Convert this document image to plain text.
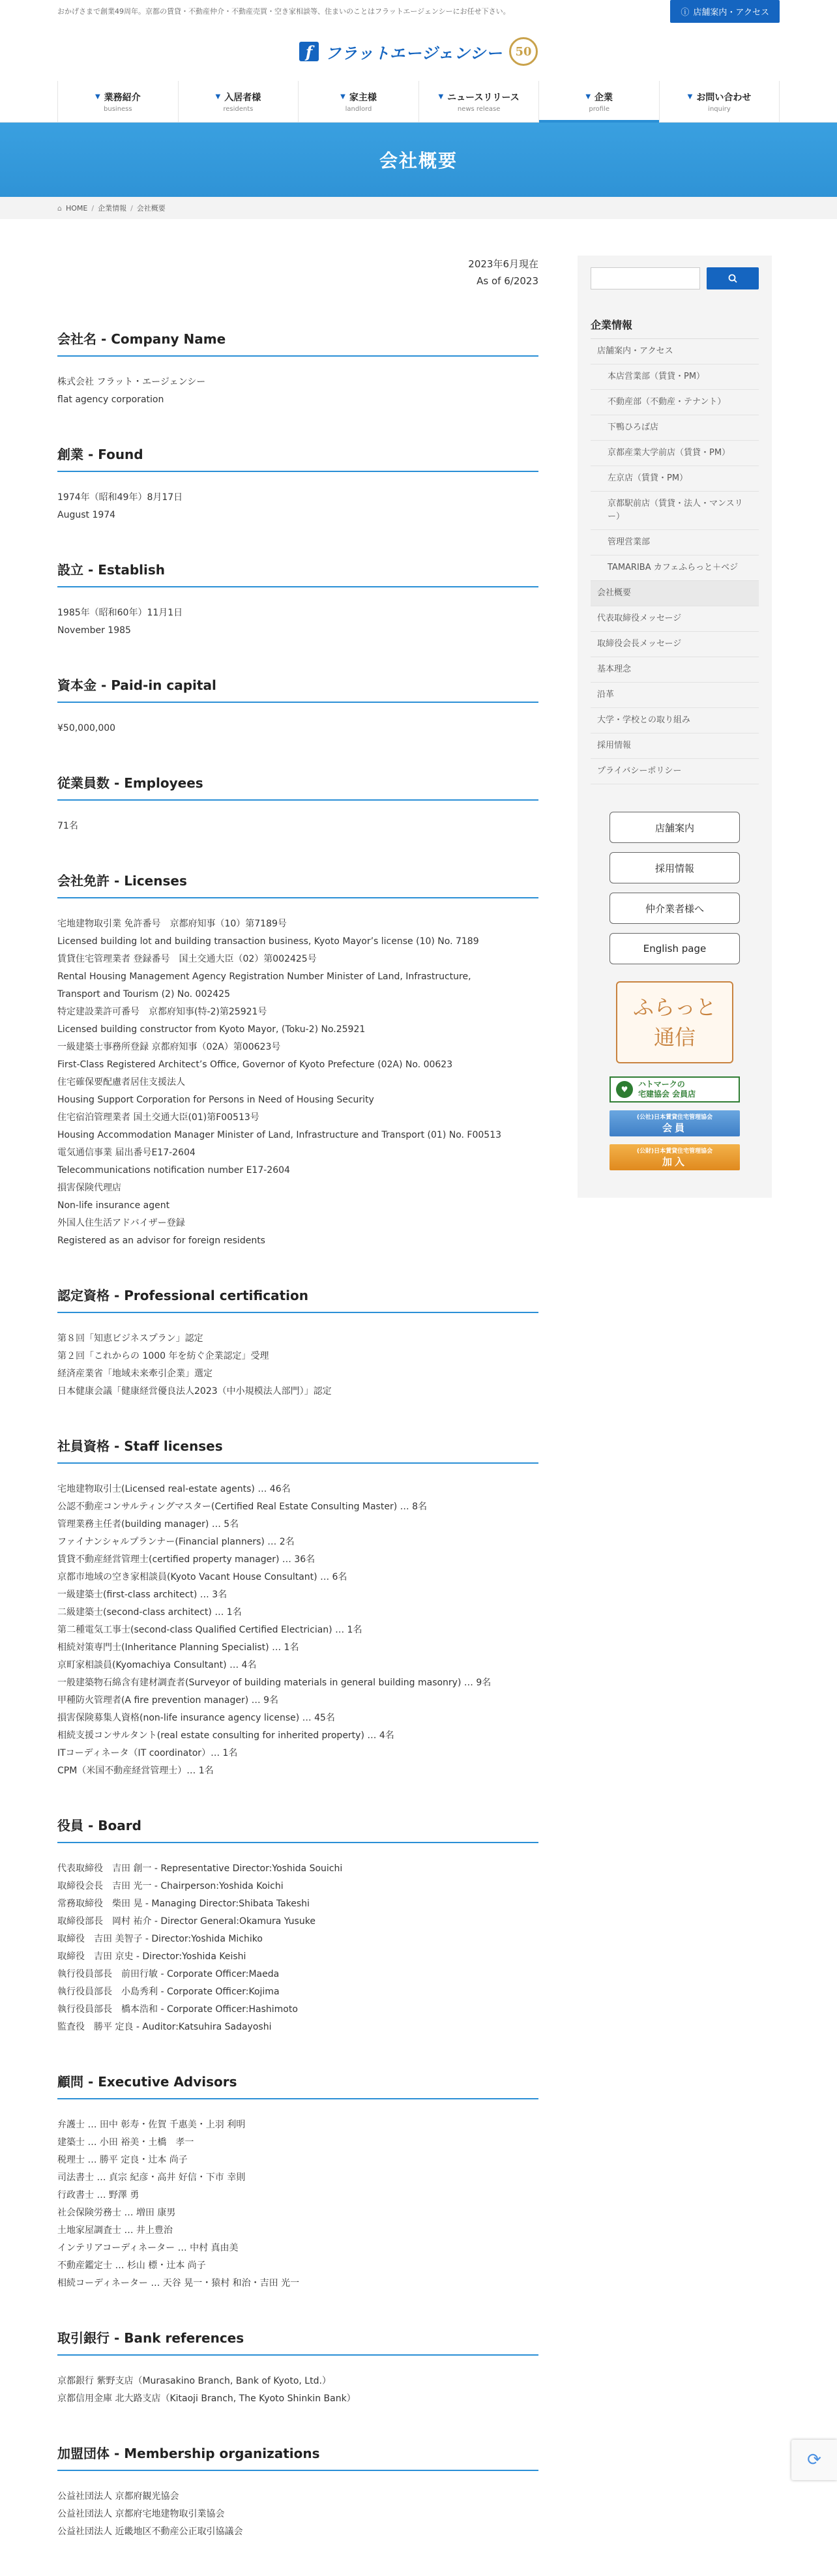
おかげさまで創業49周年。京都の賃貸・不動産仲介・不動産売買・空き家相談等、住まいのことはフラットエージェンシーにお任せ下さい。	ⓘ 店舗案内・アクセス
f フラットエージェンシー	50
▼ 業務紹介
business
▼ 入居者様
residents
▼ 家主様
landlord
▼ ニュースリリース
news release
▼ 企業
profile
▼ お問い合わせ
inquiry
会社概要
⌂ HOME / 企業情報 / 会社概要
2023年6月現在
As of 6/2023
会社名 - Company Name
株式会社 フラット・エージェンシー
flat agency corporation
創業 - Found
1974年（昭和49年）8月17日
August 1974
設立 - Establish
1985年（昭和60年）11月1日
November 1985
資本金 - Paid-in capital
¥50,000,000
従業員数 - Employees
71名
会社免許 - Licenses
宅地建物取引業 免許番号　京都府知事（10）第7189号
Licensed building lot and building transaction business, Kyoto Mayor’s license (10) No. 7189
賃貸住宅管理業者 登録番号　国土交通大臣（02）第002425号
Rental Housing Management Agency Registration Number Minister of Land, Infrastructure,
Transport and Tourism (2) No. 002425
特定建設業許可番号　京都府知事(特-2)第25921号
Licensed building constructor from Kyoto Mayor, (Toku-2) No.25921
一級建築士事務所登録 京都府知事（02A）第00623号
First-Class Registered Architect’s Office, Governor of Kyoto Prefecture (02A) No. 00623
住宅確保要配慮者居住支援法人
Housing Support Corporation for Persons in Need of Housing Security
住宅宿泊管理業者 国土交通大臣(01)第F00513号
Housing Accommodation Manager Minister of Land, Infrastructure and Transport (01) No. F00513
電気通信事業 届出番号E17-2604
Telecommunications notification number E17-2604
損害保険代理店
Non-life insurance agent
外国人住生活アドバイザー登録
Registered as an advisor for foreign residents
認定資格 - Professional certification
第８回「知恵ビジネスプラン」認定
第２回「これからの 1000 年を紡ぐ企業認定」受理
経済産業省「地域未来牽引企業」選定
日本健康会議「健康経営優良法人2023（中小規模法人部門）」認定
社員資格 - Staff licenses
宅地建物取引士(Licensed real-estate agents) … 46名
公認不動産コンサルティングマスター(Certified Real Estate Consulting Master) … 8名
管理業務主任者(building manager) … 5名
ファイナンシャルプランナー(Financial planners) … 2名
賃貸不動産経営管理士(certified property manager) … 36名
京都市地域の空き家相談員(Kyoto Vacant House Consultant) … 6名
一級建築士(first-class architect) … 3名
二級建築士(second-class architect) … 1名
第二種電気工事士(second-class Qualified Certified Electrician) … 1名
相続対策専門士(Inheritance Planning Specialist) … 1名
京町家相談員(Kyomachiya Consultant) … 4名
一般建築物石綿含有建材調査者(Surveyor of building materials in general building masonry) … 9名
甲種防火管理者(A fire prevention manager) … 9名
損害保険募集人資格(non-life insurance agency license) … 45名
相続支援コンサルタント(real estate consulting for inherited property) … 4名
ITコーディネータ（IT coordinator）… 1名
CPM（米国不動産経営管理士）… 1名
役員 - Board
代表取締役　吉田 創一 - Representative Director:Yoshida Souichi
取締役会長　吉田 光一 - Chairperson:Yoshida Koichi
常務取締役　柴田 晃 - Managing Director:Shibata Takeshi
取締役部長　岡村 祐介 - Director General:Okamura Yusuke
取締役　吉田 美智子 - Director:Yoshida Michiko
取締役　吉田 京史 - Director:Yoshida Keishi
執行役員部長　前田行敏 - Corporate Officer:Maeda
執行役員部長　小島秀利 - Corporate Officer:Kojima
執行役員部長　橋本浩和 - Corporate Officer:Hashimoto
監査役　勝平 定良 - Auditor:Katsuhira Sadayoshi
顧問 - Executive Advisors
弁護士 … 田中 彰寿・佐賀 千惠美・上羽 利明
建築士 … 小田 裕美・土橋　孝一
税理士 … 勝平 定良・辻本 尚子
司法書士 … 貞宗 紀彦・高井 好信・下市 幸則
行政書士 … 野澤 勇
社会保険労務士 … 増田 康男
土地家屋調査士 … 井上豊治
インテリアコーディネーター … 中村 真由美
不動産鑑定士 … 杉山 標・辻本 尚子
相続コーディネーター … 天谷 晃一・猿村 和治・吉田 光一
取引銀行 - Bank references
京都銀行 紫野支店（Murasakino Branch, Bank of Kyoto, Ltd.）
京都信用金庫 北大路支店（Kitaoji Branch, The Kyoto Shinkin Bank）
加盟団体 - Membership organizations
公益社団法人 京都府観光協会
公益社団法人 京都府宅地建物取引業協会
公益社団法人 近畿地区不動産公正取引協議会
企業情報
店舗案内・アクセス
本店営業部（賃貸・PM）
不動産部（不動産・テナント）
下鴨ひろば店
京都産業大学前店（賃貸・PM）
左京店（賃貸・PM）
京都駅前店（賃貸・法人・マンスリー）
管理営業部
TAMARIBA カフェふらっと＋ベジ
会社概要
代表取締役メッセージ
取締役会長メッセージ
基本理念
沿革
大学・学校との取り組み
採用情報
プライバシーポリシー
店舗案内
採用情報
仲介業者様へ
English page
ふらっと
通信
♥
ハトマークの
宅建協会 会員店
(公社)日本賃貸住宅管理協会
会員
(公財)日本賃貸住宅管理協会
加入
⟳
